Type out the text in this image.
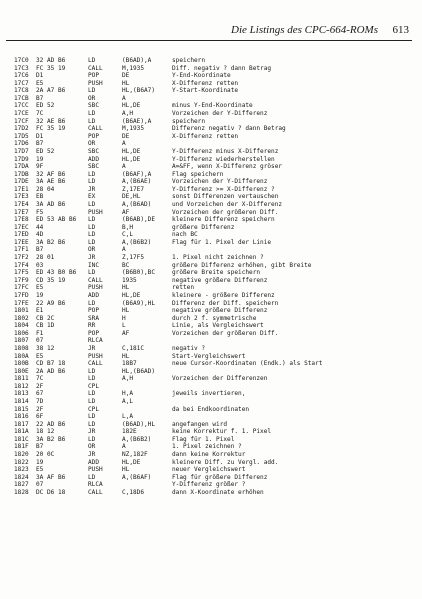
Die Listings des CPC-664-ROMs 613
17C0 32 AD B6	LD	(B6AD),A	speichern
17C3 FC 35 19	CALL	M,1935	Diff. negativ ? dann Betrag
17C6 D1	POP	DE	Y-End-Koordinate
17C7 E5	PUSH	HL	X-Differenz retten
17C8 2A A7 B6	LD	HL,(B6A7)	Y-Start-Koordinate
17CB B7	OR	A
17CC ED 52	SBC	HL,DE	minus Y-End-Koordinate
17CE 7C	LD	A,H	Vorzeichen der Y-Differenz
17CF 32 AE B6	LD	(B6AE),A	speichern
17D2 FC 35 19	CALL	M,1935	Differenz negativ ? dann Betrag
17D5 D1	POP	DE	X-Differenz retten
17D6 B7	OR	A
17D7 ED 52	SBC	HL,DE	Y-Differenz minus X-Differenz
17D9 19	ADD	HL,DE	Y-Differenz wiederherstellen
17DA 9F	SBC	A	A=&FF, wenn X-Differenz gröser
17DB 32 AF B6	LD	(B6AF),A	Flag speichern
17DE 3A AE B6	LD	A,(B6AE)	Vorzeichen der Y-Differenz
17E1 28 04	JR	Z,17E7	Y-Differenz >= X-Differenz ?
17E3 EB	EX	DE,HL	sonst Differenzen vertauschen
17E4 3A AD B6	LD	A,(B6AD)	und Vorzeichen der X-Differenz
17E7 F5	PUSH	AF	Vorzeichen der größeren Diff.
17E8 ED 53 AB B6 LD	(B6AB),DE	kleinere Differenz speichern
17EC 44	LD	B,H	größere Differenz
17ED 4D	LD	C,L	nach BC
17EE 3A B2 B6	LD	A,(B6B2)	Flag für 1. Pixel der Linie
17F1 B7	OR	A
17F2 28 01	JR	Z,17F5	1. Pixel nicht zeichnen ?
17F4 03	INC	BC	größere Differenz erhöhen, gibt Breite
17F5 ED 43 B0 B6 LD	(B6B0),BC	größere Breite speichern
17F9 CD 35 19	CALL	1935	negative größere Differenz
17FC E5	PUSH	HL	retten
17FD 19	ADD	HL,DE	kleinere - größere Differenz
17FE 22 A9 B6	LD	(B6A9),HL	Differenz der Diff. speichern
1801 E1	POP	HL	negative größere Differenz
1802 CB 2C	SRA	H	durch 2 f. symmetrische
1804 CB 1D	RR	L	Linie, als Vergleichswert
1806 F1	POP	AF	Vorzeichen der größeren Diff.
1807 07	RLCA
1808 38 12	JR	C,181C	negativ ?
180A E5	PUSH	HL	Start-Vergleichswert
180B CD B7 18	CALL	18B7	neue Cursor-Koordinaten (Endk.) als Start
180E 2A AD B6	LD	HL,(B6AD)
1811 7C	LD	A,H	Vorzeichen der Differenzen
1812 2F	CPL
1813 67	LD	H,A	jeweils invertieren,
1814 7D	LD	A,L
1815 2F	CPL	da bei Endkoordinaten
1816 6F	LD	L,A
1817 22 AD B6	LD	(B6AD),HL	angefangen wird
181A 18 12	JR	182E	keine Korrektur f. 1. Pixel
181C 3A B2 B6	LD	A,(B6B2)	Flag für 1. Pixel
181F B7	OR	A	1. Pixel zeichnen ?
1820 20 0C	JR	NZ,182F	dann keine Korrektur
1822 19	ADD	HL,DE	kleinere Diff. zu Vergl. add.
1823 E5	PUSH	HL	neuer Vergleichswert
1824 3A AF B6	LD	A,(B6AF)	Flag für größere Differenz
1827 07	RLCA	Y-Differenz größer ?
1828 DC D6 18	CALL	C,18D6	dann X-Koordinate erhöhen
